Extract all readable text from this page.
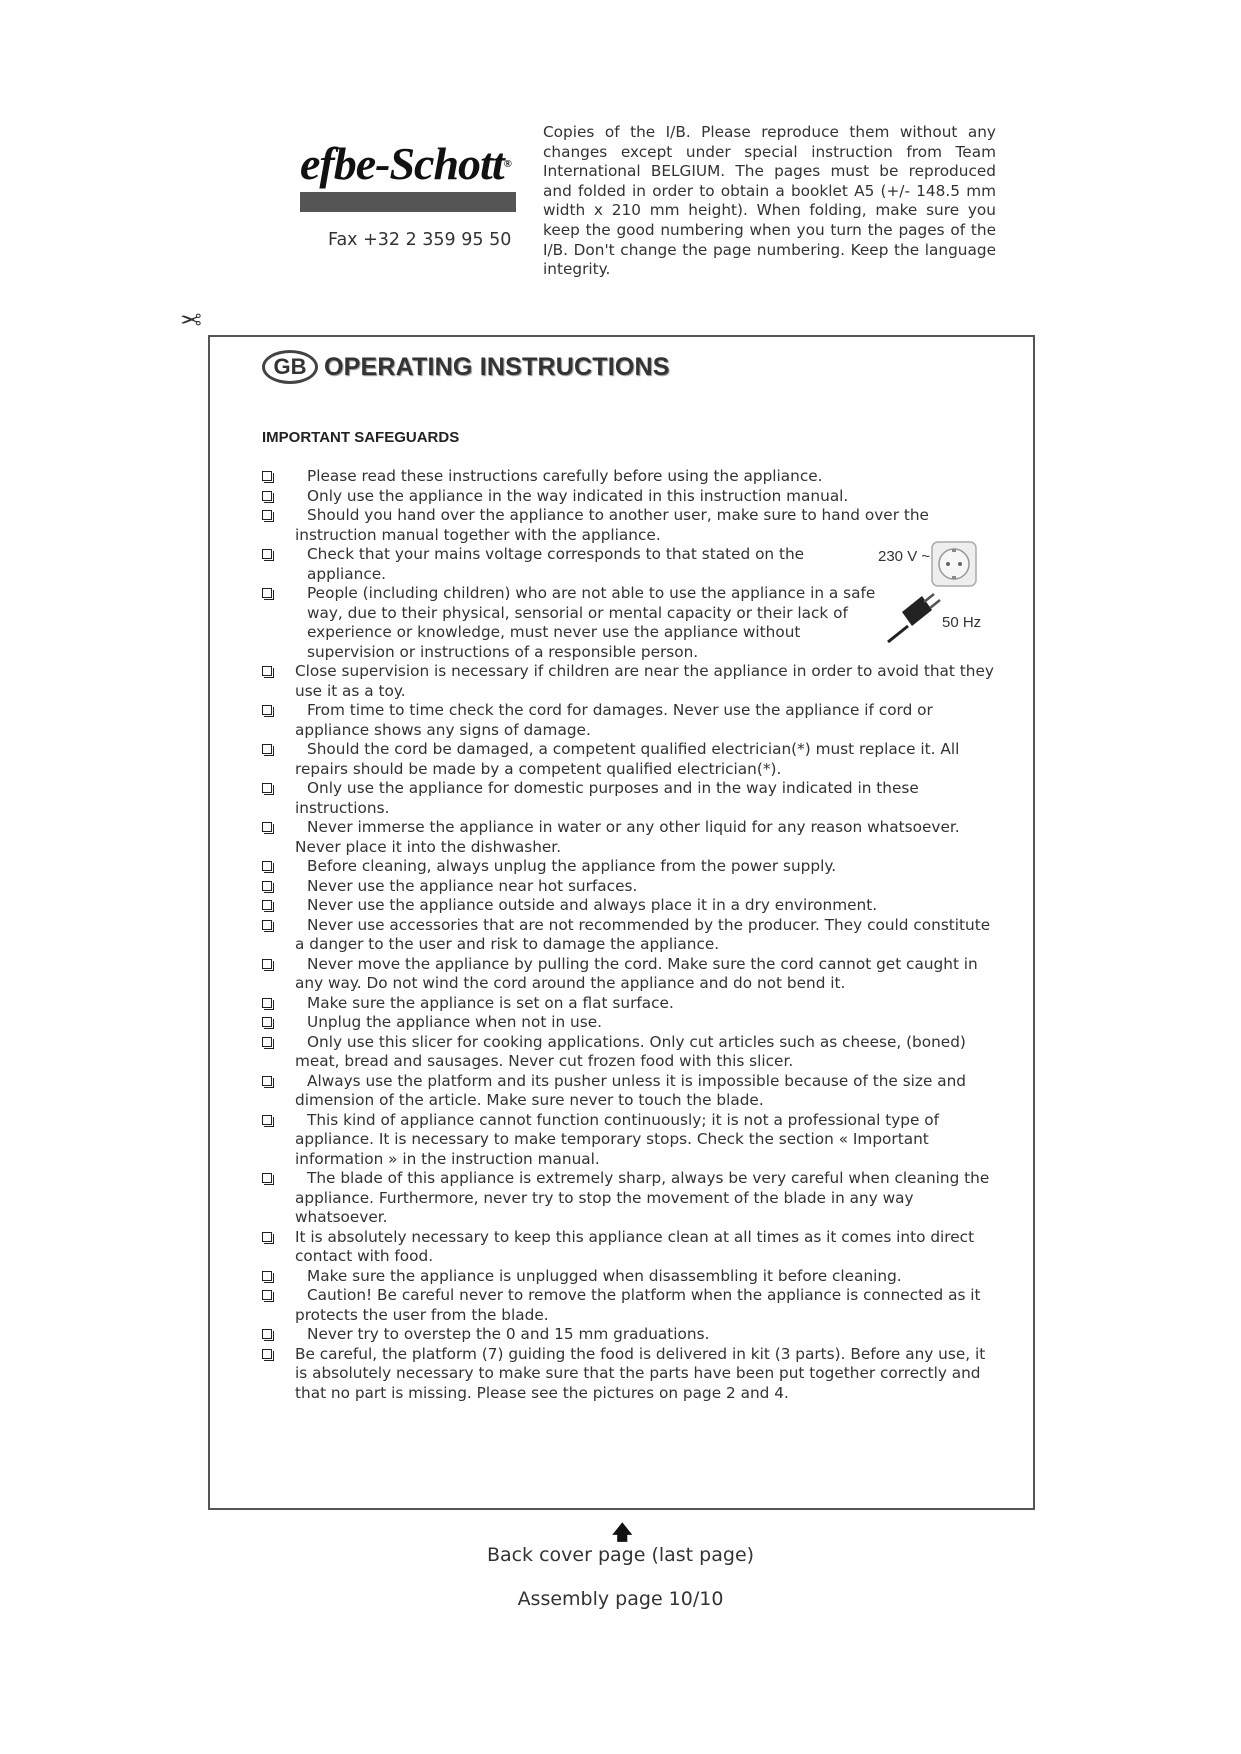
efbe-Schott®
Fax +32 2 359 95 50
Copies of the I/B. Please reproduce them without any changes except under special instruction from Team International BELGIUM. The pages must be reproduced and folded in order to obtain a booklet A5 (+/- 148.5 mm width x 210 mm height). When folding, make sure you keep the good numbering when you turn the pages of the I/B. Don't change the page numbering. Keep the language integrity.
✂
GB OPERATING INSTRUCTIONS
IMPORTANT SAFEGUARDS
Please read these instructions carefully before using the appliance.
Only use the appliance in the way indicated in this instruction manual.
Should you hand over the appliance to another user, make sure to hand over the instruction manual together with the appliance.
Check that your mains voltage corresponds to that stated on the appliance.
People (including children) who are not able to use the appliance in a safe way, due to their physical, sensorial or mental capacity or their lack of experience or knowledge, must never use the appliance without supervision or instructions of a responsible person.
Close supervision is necessary if children are near the appliance in order to avoid that they use it as a toy.
From time to time check the cord for damages. Never use the appliance if cord or appliance shows any signs of damage.
Should the cord be damaged, a competent qualified electrician(*) must replace it. All repairs should be made by a competent qualified electrician(*).
Only use the appliance for domestic purposes and in the way indicated in these instructions.
Never immerse the appliance in water or any other liquid for any reason whatsoever. Never place it into the dishwasher.
Before cleaning, always unplug the appliance from the power supply.
Never use the appliance near hot surfaces.
Never use the appliance outside and always place it in a dry environment.
Never use accessories that are not recommended by the producer. They could constitute a danger to the user and risk to damage the appliance.
Never move the appliance by pulling the cord. Make sure the cord cannot get caught in any way. Do not wind the cord around the appliance and do not bend it.
Make sure the appliance is set on a flat surface.
Unplug the appliance when not in use.
Only use this slicer for cooking applications. Only cut articles such as cheese, (boned) meat, bread and sausages. Never cut frozen food with this slicer.
Always use the platform and its pusher unless it is impossible because of the size and dimension of the article. Make sure never to touch the blade.
This kind of appliance cannot function continuously; it is not a professional type of appliance. It is necessary to make temporary stops. Check the section « Important information » in the instruction manual.
The blade of this appliance is extremely sharp, always be very careful when cleaning the appliance. Furthermore, never try to stop the movement of the blade in any way whatsoever.
It is absolutely necessary to keep this appliance clean at all times as it comes into direct contact with food.
Make sure the appliance is unplugged when disassembling it before cleaning.
Caution! Be careful never to remove the platform when the appliance is connected as it protects the user from the blade.
Never try to overstep the 0 and 15 mm graduations.
Be careful, the platform (7) guiding the food is delivered in kit (3 parts). Before any use, it is absolutely necessary to make sure that the parts have been put together correctly and that no part is missing. Please see the pictures on page 2 and 4.
230 V ~
50 Hz
🡅
Back cover page (last page)
Assembly page 10/10
